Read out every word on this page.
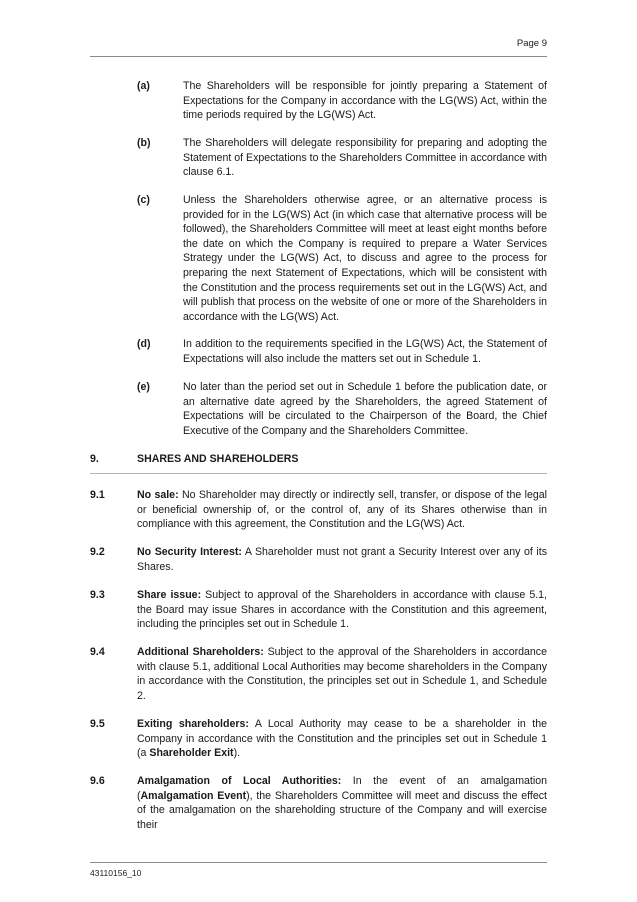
Page 9
(a)	The Shareholders will be responsible for jointly preparing a Statement of Expectations for the Company in accordance with the LG(WS) Act, within the time periods required by the LG(WS) Act.
(b)	The Shareholders will delegate responsibility for preparing and adopting the Statement of Expectations to the Shareholders Committee in accordance with clause 6.1.
(c)	Unless the Shareholders otherwise agree, or an alternative process is provided for in the LG(WS) Act (in which case that alternative process will be followed), the Shareholders Committee will meet at least eight months before the date on which the Company is required to prepare a Water Services Strategy under the LG(WS) Act, to discuss and agree to the process for preparing the next Statement of Expectations, which will be consistent with the Constitution and the process requirements set out in the LG(WS) Act, and will publish that process on the website of one or more of the Shareholders in accordance with the LG(WS) Act.
(d)	In addition to the requirements specified in the LG(WS) Act, the Statement of Expectations will also include the matters set out in Schedule 1.
(e)	No later than the period set out in Schedule 1 before the publication date, or an alternative date agreed by the Shareholders, the agreed Statement of Expectations will be circulated to the Chairperson of the Board, the Chief Executive of the Company and the Shareholders Committee.
9.	SHARES AND SHAREHOLDERS
9.1	No sale: No Shareholder may directly or indirectly sell, transfer, or dispose of the legal or beneficial ownership of, or the control of, any of its Shares otherwise than in compliance with this agreement, the Constitution and the LG(WS) Act.
9.2	No Security Interest: A Shareholder must not grant a Security Interest over any of its Shares.
9.3	Share issue: Subject to approval of the Shareholders in accordance with clause 5.1, the Board may issue Shares in accordance with the Constitution and this agreement, including the principles set out in Schedule 1.
9.4	Additional Shareholders: Subject to the approval of the Shareholders in accordance with clause 5.1, additional Local Authorities may become shareholders in the Company in accordance with the Constitution, the principles set out in Schedule 1, and Schedule 2.
9.5	Exiting shareholders: A Local Authority may cease to be a shareholder in the Company in accordance with the Constitution and the principles set out in Schedule 1 (a Shareholder Exit).
9.6	Amalgamation of Local Authorities: In the event of an amalgamation (Amalgamation Event), the Shareholders Committee will meet and discuss the effect of the amalgamation on the shareholding structure of the Company and will exercise their
43110156_10
